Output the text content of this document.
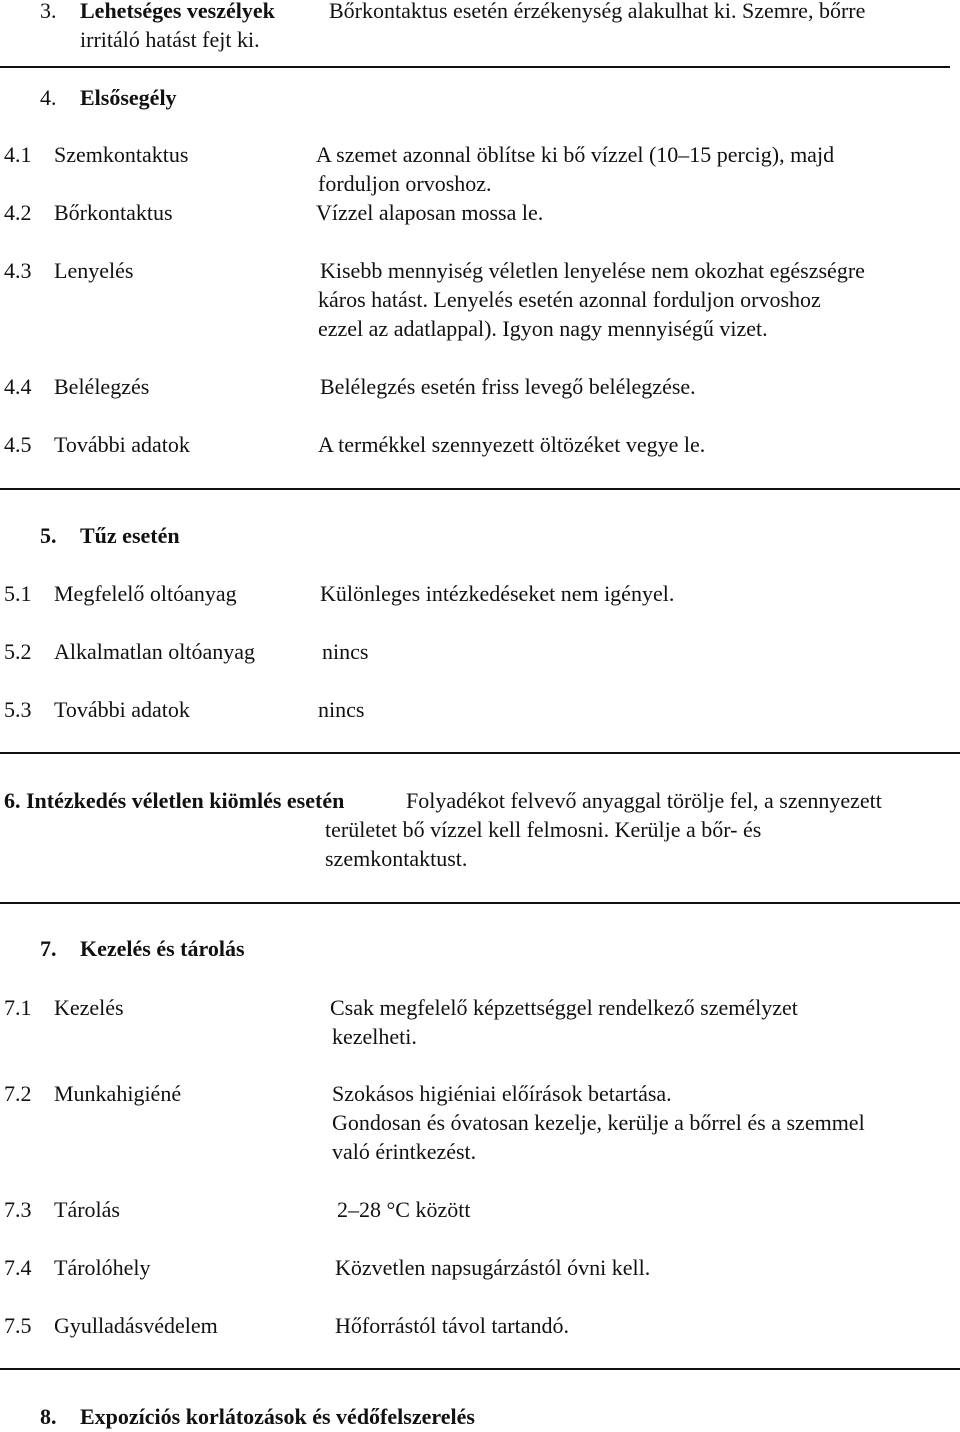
3. Lehetséges veszélyek Bőrkontaktus esetén érzékenység alakulhat ki. Szemre, bőrre
irritáló hatást fejt ki.
4. Elsősegély
4.1 Szemkontaktus	A szemet azonnal öblítse ki bő vízzel (10–15 percig), majd
forduljon orvoshoz.
4.2 Bőrkontaktus	Vízzel alaposan mossa le.
4.3 Lenyelés	Kisebb mennyiség véletlen lenyelése nem okozhat egészségre
káros hatást. Lenyelés esetén azonnal forduljon orvoshoz
ezzel az adatlappal). Igyon nagy mennyiségű vizet.
4.4 Belélegzés	Belélegzés esetén friss levegő belélegzése.
4.5 További adatok	A termékkel szennyezett öltözéket vegye le.
5. Tűz esetén
5.1 Megfelelő oltóanyag	Különleges intézkedéseket nem igényel.
5.2 Alkalmatlan oltóanyag	nincs
5.3 További adatok	nincs
6. Intézkedés véletlen kiömlés esetén	Folyadékot felvevő anyaggal törölje fel, a szennyezett
területet bő vízzel kell felmosni. Kerülje a bőr- és
szemkontaktust.
7. Kezelés és tárolás
7.1 Kezelés	Csak megfelelő képzettséggel rendelkező személyzet
kezelheti.
7.2 Munkahigiéné	Szokásos higiéniai előírások betartása.
Gondosan és óvatosan kezelje, kerülje a bőrrel és a szemmel
való érintkezést.
7.3 Tárolás	2–28 °C között
7.4 Tárolóhely	Közvetlen napsugárzástól óvni kell.
7.5 Gyulladásvédelem	Hőforrástól távol tartandó.
8. Expozíciós korlátozások és védőfelszerelés
